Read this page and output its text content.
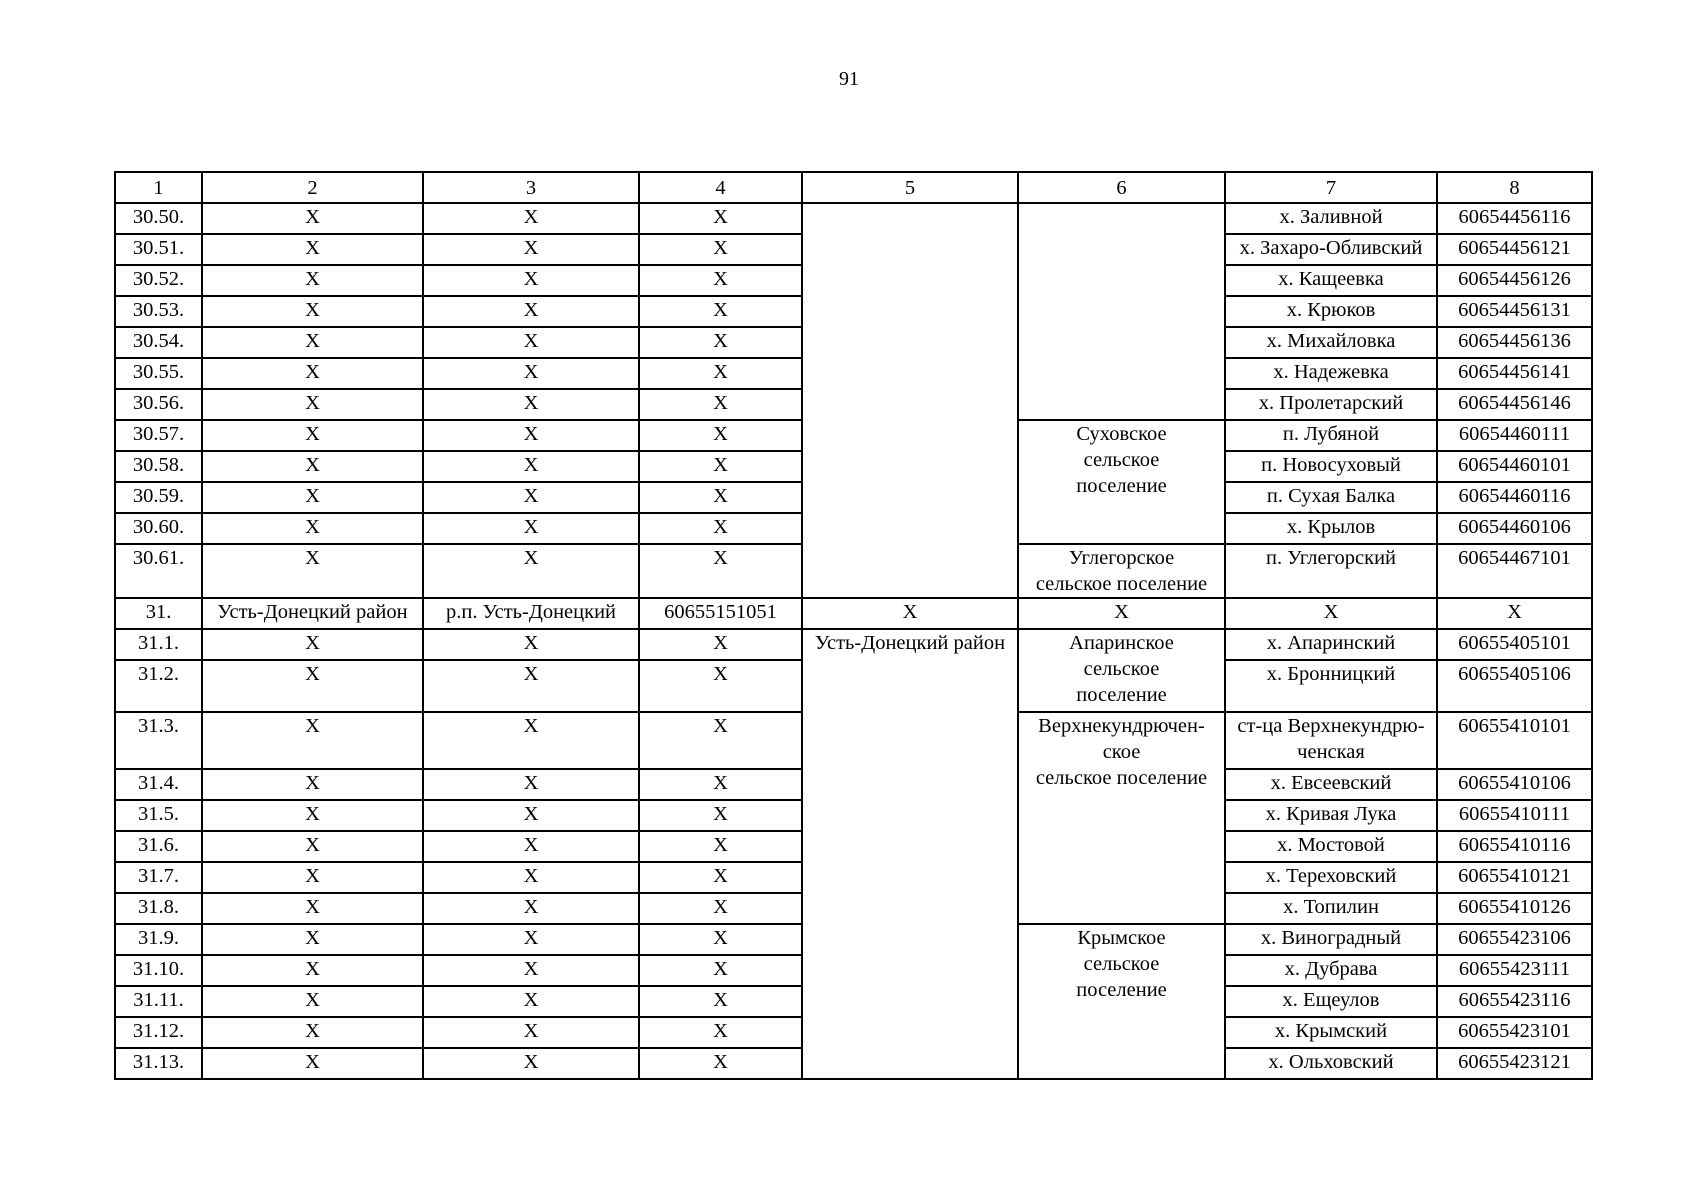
91
1	2	3	4	5	6	7	8
30.50.	X	X	X			х. Заливной	60654456116
30.51.	X	X	X			х. Захаро-Обливский	60654456121
30.52.	X	X	X			х. Кащеевка	60654456126
30.53.	X	X	X			х. Крюков	60654456131
30.54.	X	X	X			х. Михайловка	60654456136
30.55.	X	X	X			х. Надежевка	60654456141
30.56.	X	X	X			х. Пролетарский	60654456146
30.57.	X	X	X		Суховское
сельское
поселение	п. Лубяной	60654460111
30.58.	X	X	X			п. Новосуховый	60654460101
30.59.	X	X	X			п. Сухая Балка	60654460116
30.60.	X	X	X			х. Крылов	60654460106
30.61.	X	X	X		Углегорское
сельское поселение	п. Углегорский	60654467101
31.	Усть-Донецкий район	р.п. Усть-Донецкий	60655151051	X	X	X	X
31.1.	X	X	X	Усть-Донецкий район	Апаринское
сельское
поселение	х. Апаринский	60655405101
31.2.	X	X	X			х. Бронницкий	60655405106
31.3.	X	X	X		Верхнекундрючен-
ское
сельское поселение	ст-ца Верхнекундрю-
ченская	60655410101
31.4.	X	X	X			х. Евсеевский	60655410106
31.5.	X	X	X			х. Кривая Лука	60655410111
31.6.	X	X	X			х. Мостовой	60655410116
31.7.	X	X	X			х. Тереховский	60655410121
31.8.	X	X	X			х. Топилин	60655410126
31.9.	X	X	X		Крымское
сельское
поселение	х. Виноградный	60655423106
31.10.	X	X	X			х. Дубрава	60655423111
31.11.	X	X	X			х. Ещеулов	60655423116
31.12.	X	X	X			х. Крымский	60655423101
31.13.	X	X	X			х. Ольховский	60655423121
